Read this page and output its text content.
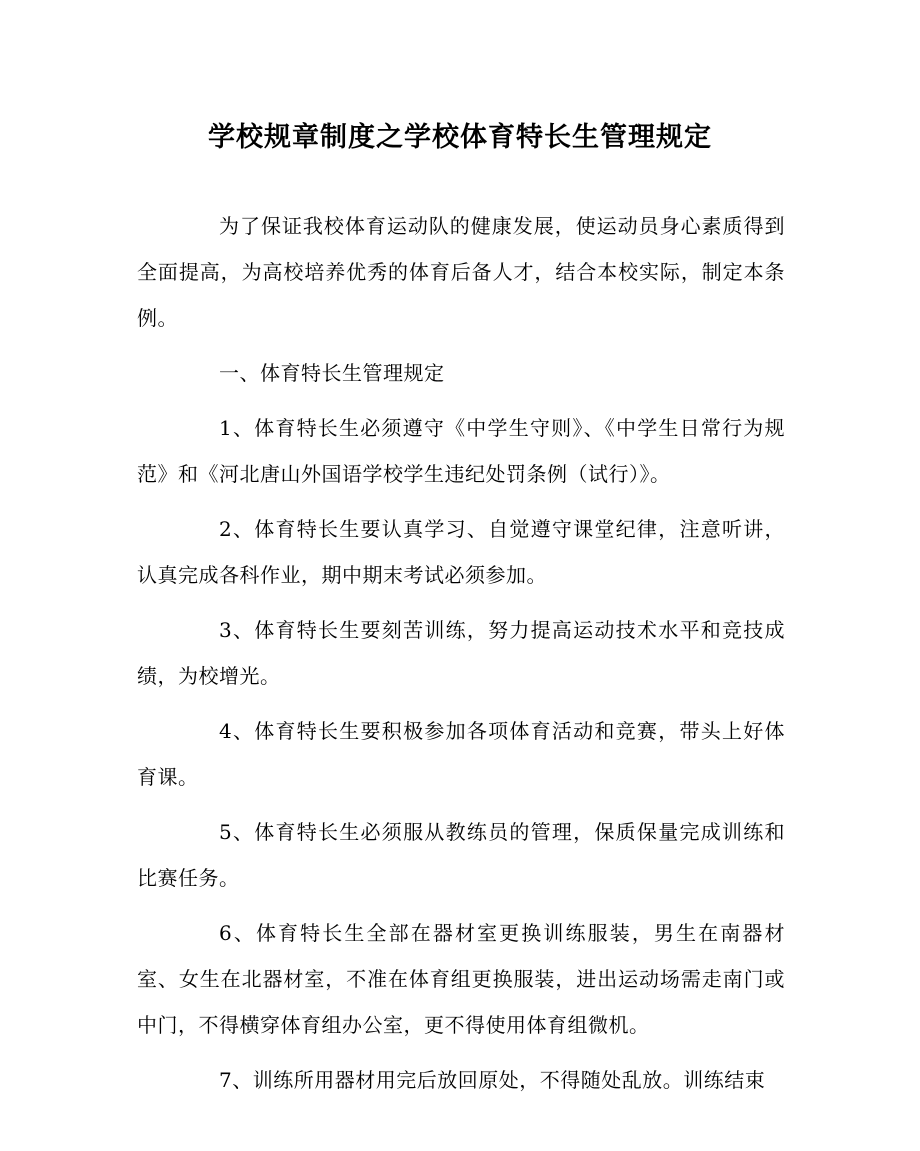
学校规章制度之学校体育特长生管理规定

为了保证我校体育运动队的健康发展，使运动员身心素质得到全面提高，为高校培养优秀的体育后备人才，结合本校实际，制定本条例。

一、体育特长生管理规定

1、体育特长生必须遵守《中学生守则》、《中学生日常行为规范》和《河北唐山外国语学校学生违纪处罚条例（试行）》。

2、体育特长生要认真学习、自觉遵守课堂纪律，注意听讲，认真完成各科作业，期中期末考试必须参加。

3、体育特长生要刻苦训练，努力提高运动技术水平和竞技成绩，为校增光。

4、体育特长生要积极参加各项体育活动和竞赛，带头上好体育课。

5、体育特长生必须服从教练员的管理，保质保量完成训练和比赛任务。

6、体育特长生全部在器材室更换训练服装，男生在南器材室、女生在北器材室，不准在体育组更换服装，进出运动场需走南门或中门，不得横穿体育组办公室，更不得使用体育组微机。

7、训练所用器材用完后放回原处，不得随处乱放。训练结束
